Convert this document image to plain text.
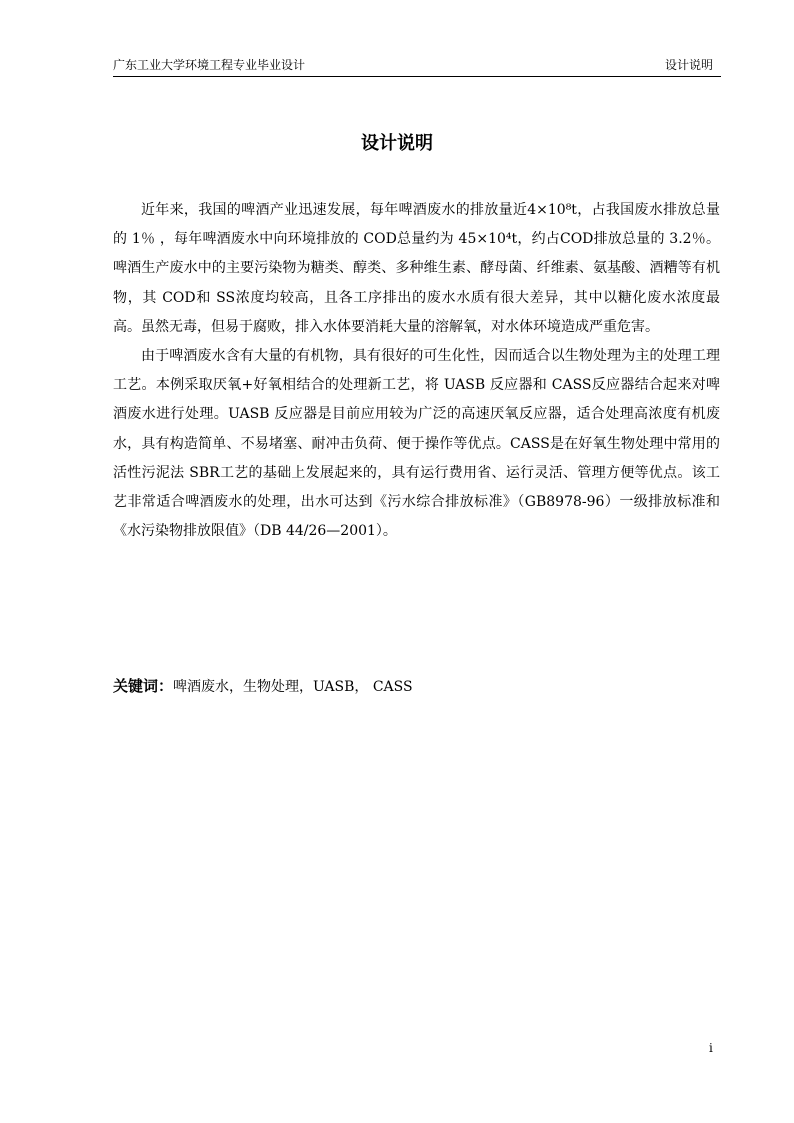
广东工业大学环境工程专业毕业设计	设计说明
设计说明

近年来，我国的啤酒产业迅速发展，每年啤酒废水的排放量近4×10⁸t，占我国废水排放总量的 1％ ，每年啤酒废水中向环境排放的 COD总量约为 45×10⁴t，约占COD排放总量的 3.2％。啤酒生产废水中的主要污染物为糖类、醇类、多种维生素、酵母菌、纤维素、氨基酸、酒糟等有机物，其 COD和 SS浓度均较高，且各工序排出的废水水质有很大差异，其中以糖化废水浓度最高。虽然无毒，但易于腐败，排入水体要消耗大量的溶解氧，对水体环境造成严重危害。

由于啤酒废水含有大量的有机物，具有很好的可生化性，因而适合以生物处理为主的处理工理工艺。本例采取厌氧+好氧相结合的处理新工艺，将 UASB 反应器和 CASS反应器结合起来对啤酒废水进行处理。UASB 反应器是目前应用较为广泛的高速厌氧反应器，适合处理高浓度有机废水，具有构造简单、不易堵塞、耐冲击负荷、便于操作等优点。CASS是在好氧生物处理中常用的活性污泥法 SBR工艺的基础上发展起来的，具有运行费用省、运行灵活、管理方便等优点。该工艺非常适合啤酒废水的处理，出水可达到《污水综合排放标准》（GB8978-96）一级排放标准和《水污染物排放限值》（DB 44/26—2001）。

关键词：啤酒废水，生物处理，UASB， CASS

i
